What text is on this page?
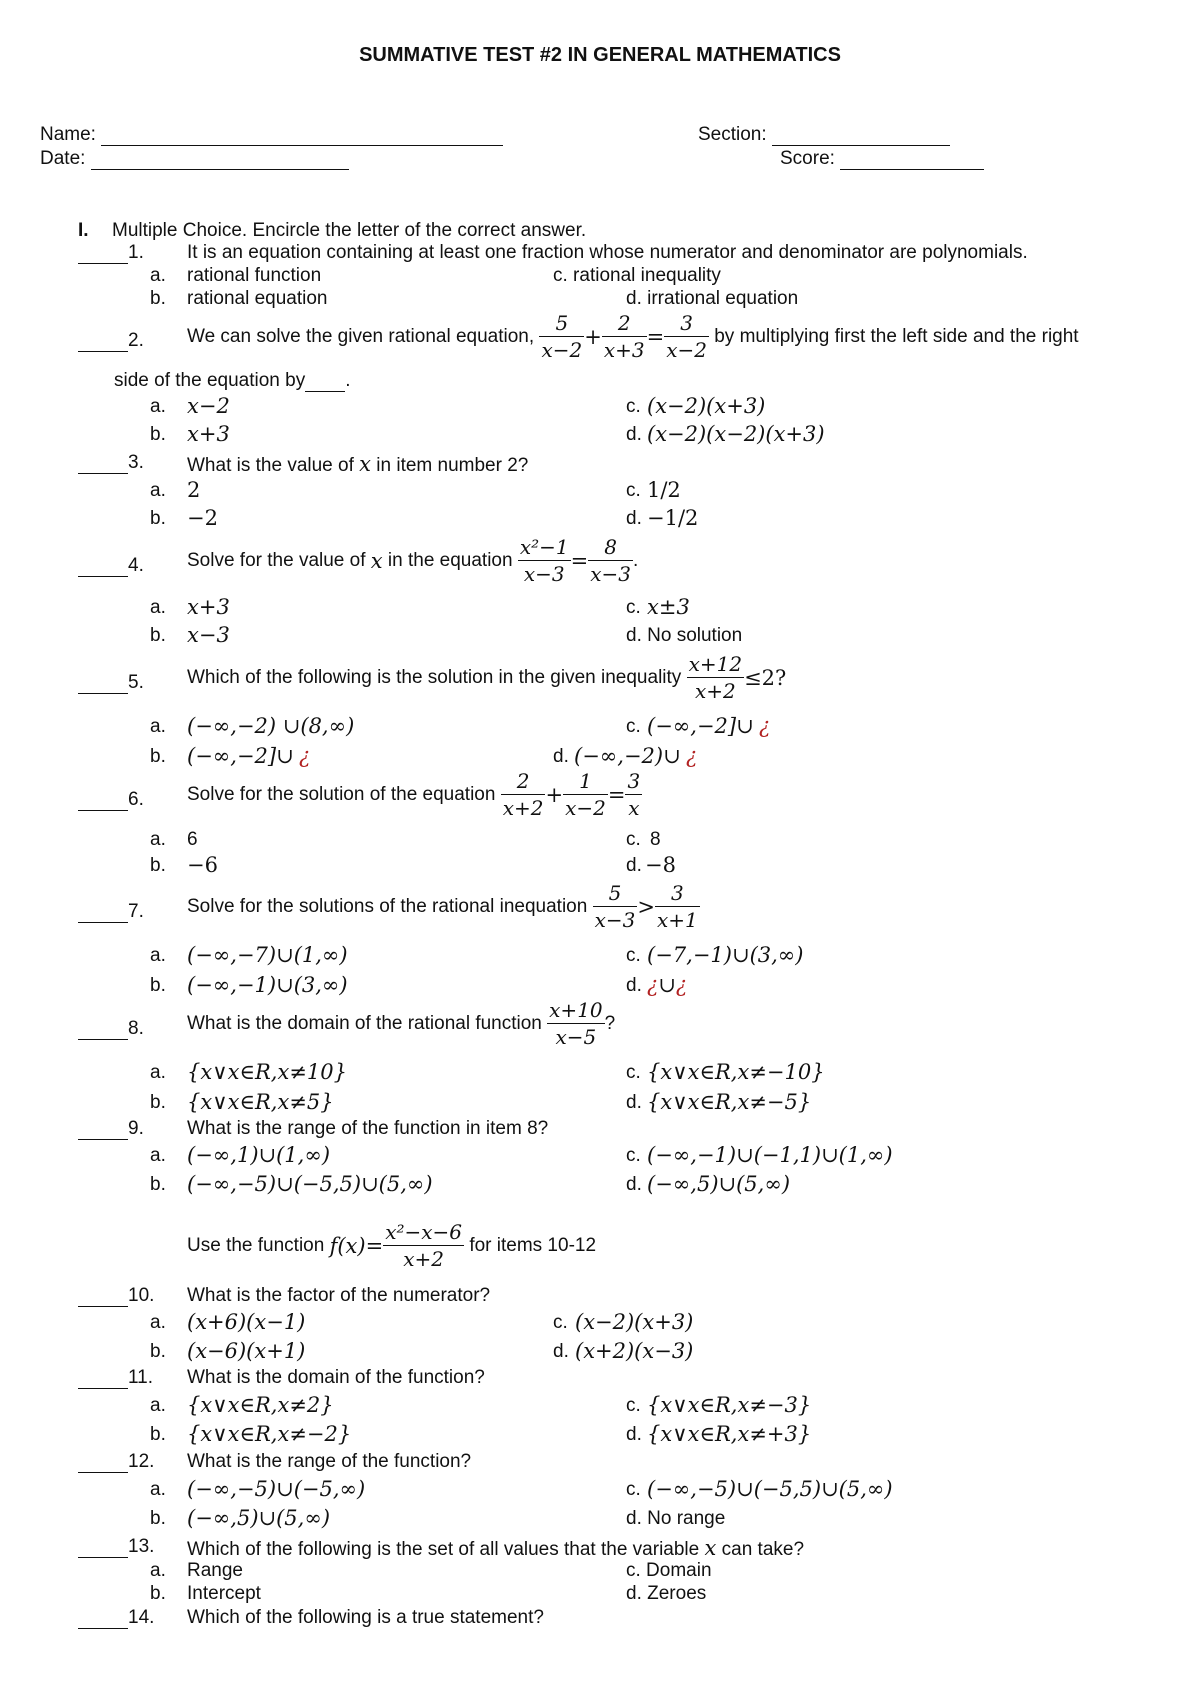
SUMMATIVE TEST #2 IN GENERAL MATHEMATICS
Name:
Date:
Section:
Score:
I. Multiple Choice. Encircle the letter of the correct answer.
1. It is an equation containing at least one fraction whose numerator and denominator are polynomials.
a. rational function	c. rational inequality
b. rational equation	d. irrational equation
2. We can solve the given rational equation, $\frac{5}{x-2} + \frac{2}{x+3} = \frac{3}{x-2}$ by multiplying first the left side and the right
side of the equation by .
a. x−2	c. (x−2)(x+3)
b. x+3	d. (x−2)(x−2)(x+3)
3. What is the value of x in item number 2?
a. 2	c. 1/2
b. −2	d. −1/2
4. Solve for the value of x in the equation $\frac{\text{x²−1}}{x-3} = \frac{8}{x-3}$ .
a. x+3	c. x±3
b. x−3	d. No solution
5. Which of the following is the solution in the given inequality $\frac{x+12}{x+2} \le 2$?
a. (−∞,−2) ∪(8,∞)	c. (−∞,−2]∪ ¿
b. (−∞,−2]∪ ¿	d. (−∞,−2)∪ ¿
6. Solve for the solution of the equation $\frac{2}{x+2} + \frac{1}{x-2} = \frac{3}{x}$
a. 6	c. 8
b. −6	d. −8
7. Solve for the solutions of the rational inequation $\frac{5}{x-3} > \frac{3}{x+1}$
a. (−∞,−7)∪(1,∞)	c. (−7,−1)∪(3,∞)
b. (−∞,−1)∪(3,∞)	d. ¿∪¿
8. What is the domain of the rational function $\frac{x+10}{x-5}$ ?
a. {x∨x∈R,x≠10}	c. {x∨x∈R,x≠−10}
b. {x∨x∈R,x≠5}	d. {x∨x∈R,x≠−5}
9. What is the range of the function in item 8?
a. (−∞,1)∪(1,∞)	c. (−∞,−1)∪(−1,1)∪(1,∞)
b. (−∞,−5)∪(−5,5)∪(5,∞)	d. (−∞,5)∪(5,∞)
Use the function $f(x)= \frac{\text{x²−x−6}}{x+2}$ for items 10-12
10. What is the factor of the numerator?
a. (x+6)(x−1)	c. (x−2)(x+3)
b. (x−6)(x+1)	d. (x+2)(x−3)
11. What is the domain of the function?
a. {x∨x∈R,x≠2}	c. {x∨x∈R,x≠−3}
b. {x∨x∈R,x≠−2}	d. {x∨x∈R,x≠+3}
12. What is the range of the function?
a. (−∞,−5)∪(−5,∞)	c. (−∞,−5)∪(−5,5)∪(5,∞)
b. (−∞,5)∪(5,∞)	d. No range
13. Which of the following is the set of all values that the variable x can take?
a. Range	c. Domain
b. Intercept	d. Zeroes
14. Which of the following is a true statement?
